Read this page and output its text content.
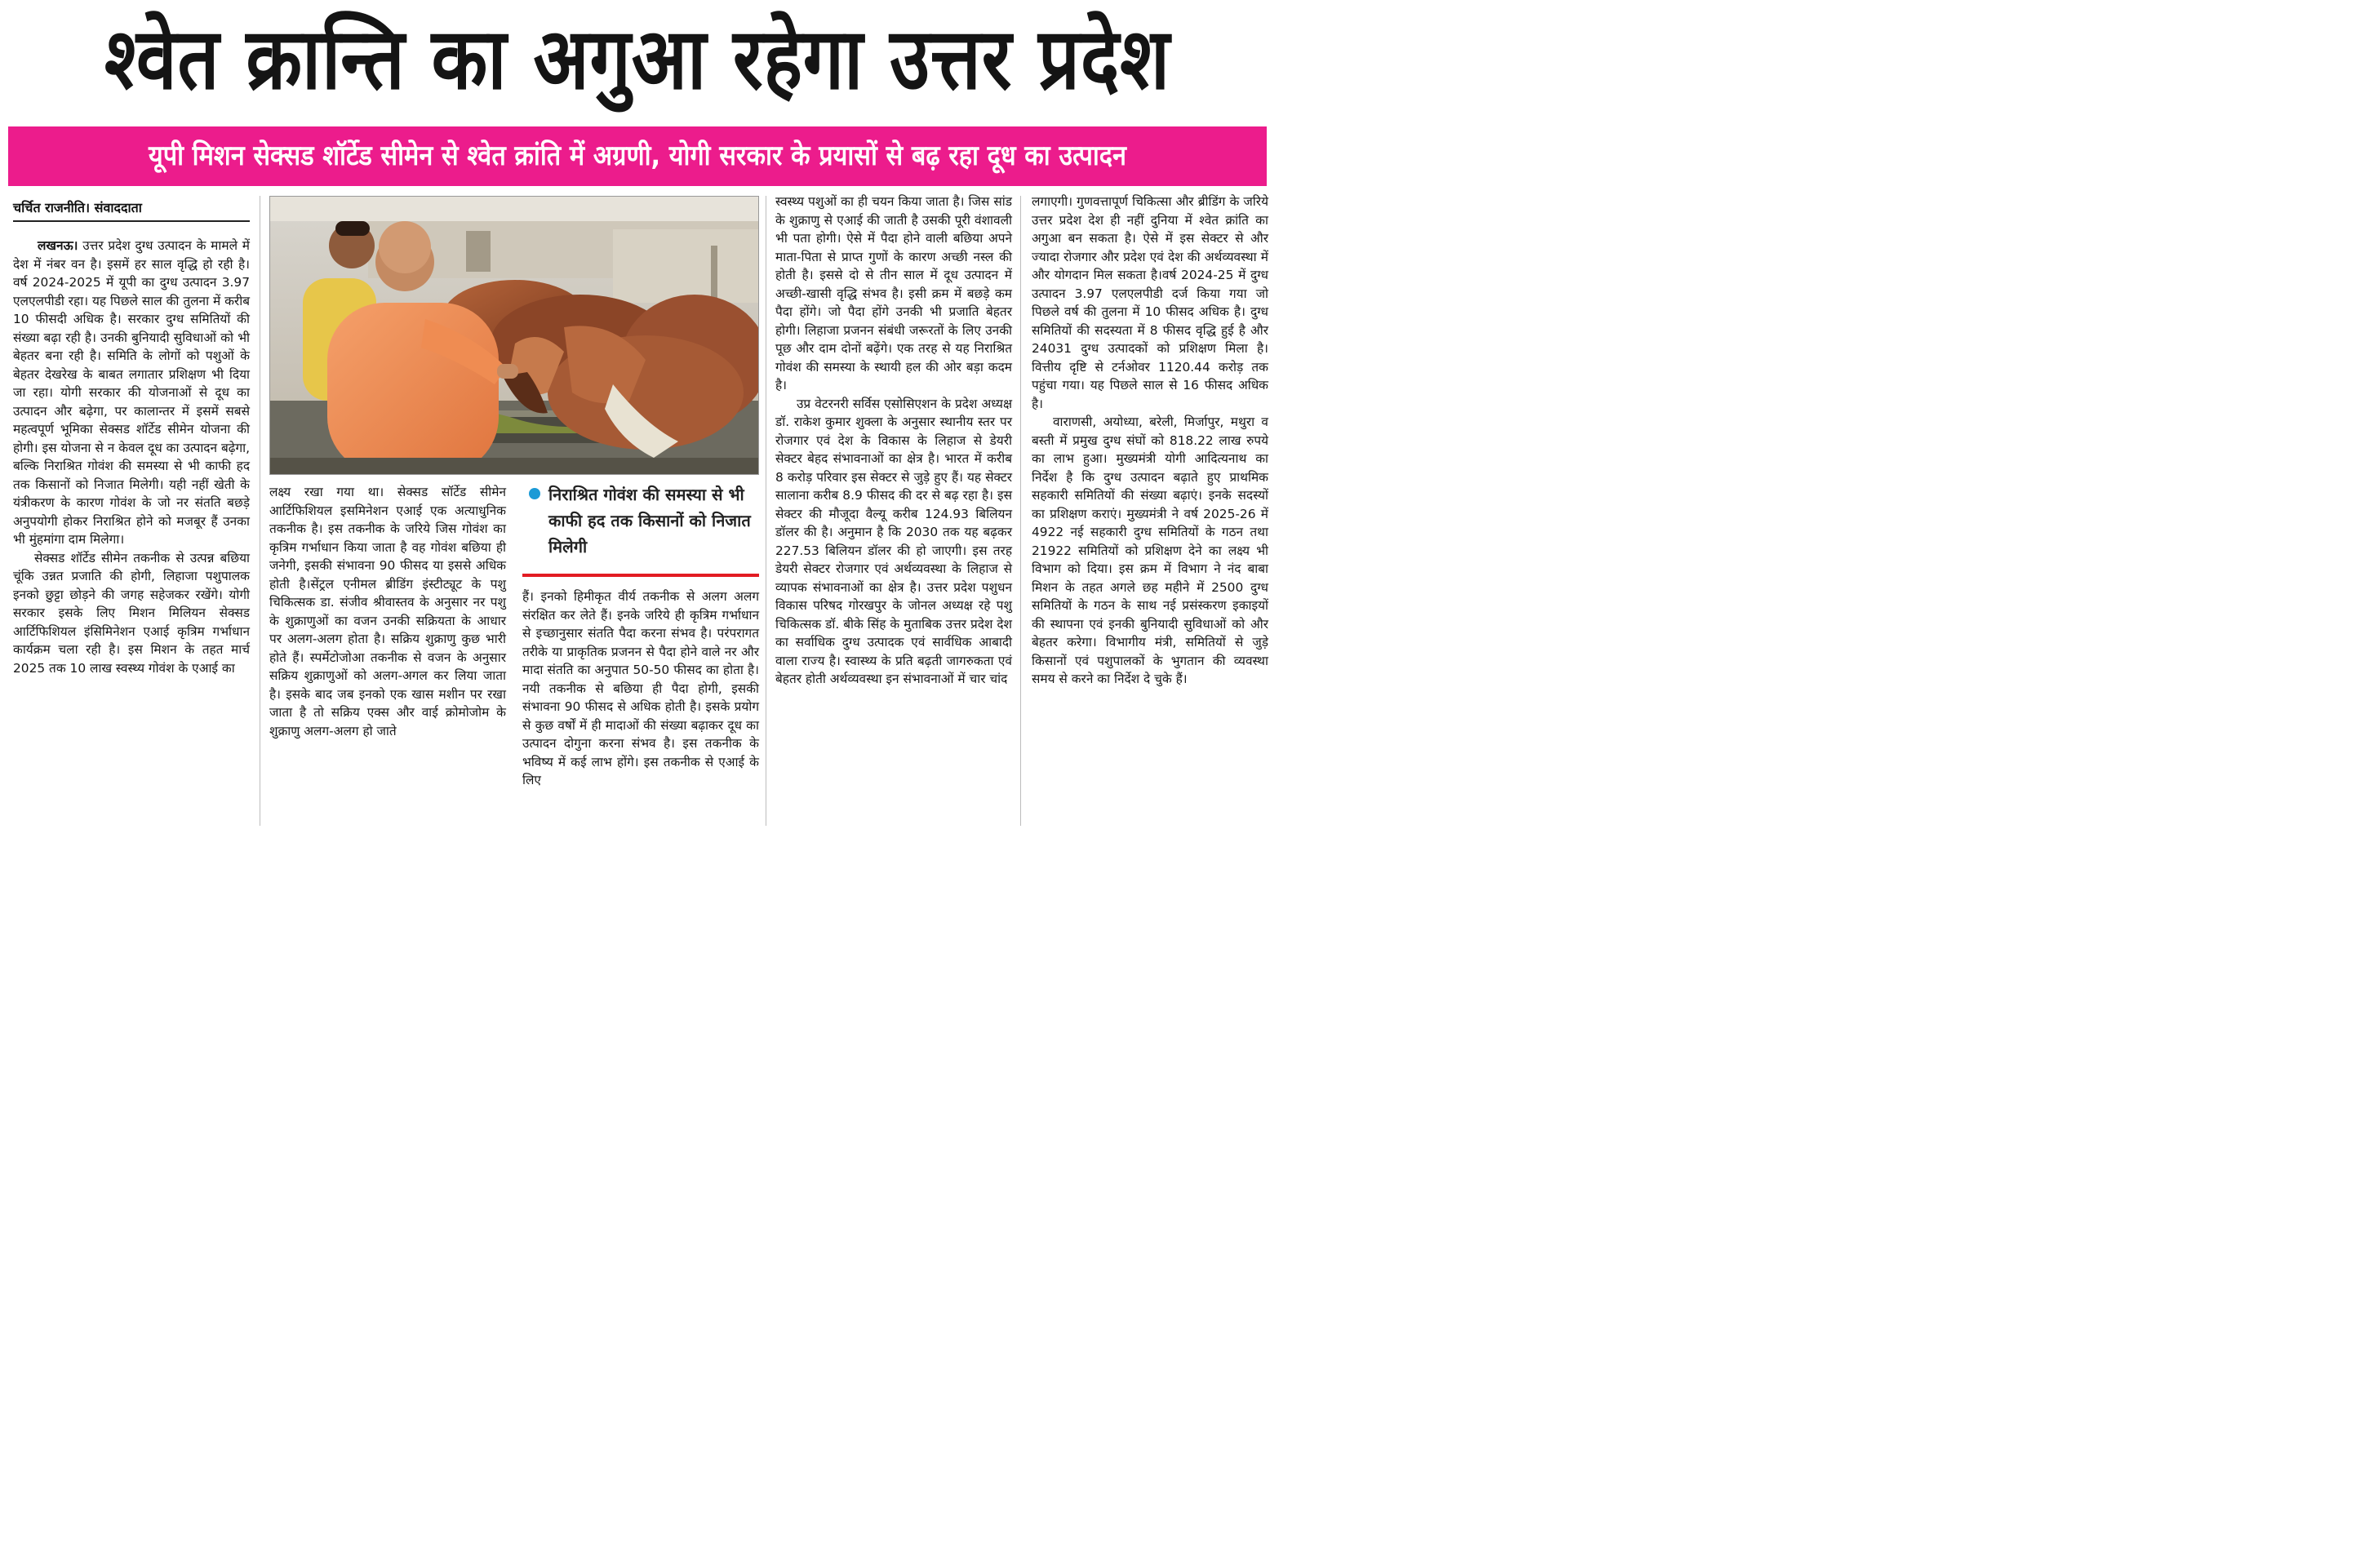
श्वेत क्रान्ति का अगुआ रहेगा उत्तर प्रदेश
यूपी मिशन सेक्सड शॉर्टेड सीमेन से श्वेत क्रांति में अग्रणी, योगी सरकार के प्रयासों से बढ़ रहा दूध का उत्पादन
चर्चित राजनीति। संवाददाता

लखनऊ। उत्तर प्रदेश दुग्ध उत्पादन के मामले में देश में नंबर वन है। इसमें हर साल वृद्धि हो रही है। वर्ष 2024-2025 में यूपी का दुग्ध उत्पादन 3.97 एलएलपीडी रहा। यह पिछले साल की तुलना में करीब 10 फीसदी अधिक है। सरकार दुग्ध समितियों की संख्या बढ़ा रही है। उनकी बुनियादी सुविधाओं को भी बेहतर बना रही है। समिति के लोगों को पशुओं के बेहतर देखरेख के बाबत लगातार प्रशिक्षण भी दिया जा रहा। योगी सरकार की योजनाओं से दूध का उत्पादन और बढ़ेगा, पर कालान्तर में इसमें सबसे महत्वपूर्ण भूमिका सेक्सड शॉर्टेड सीमेन योजना की होगी। इस योजना से न केवल दूध का उत्पादन बढ़ेगा, बल्कि निराश्रित गोवंश की समस्या से भी काफी हद तक किसानों को निजात मिलेगी। यही नहीं खेती के यंत्रीकरण के कारण गोवंश के जो नर संतति बछड़े अनुपयोगी होकर निराश्रित होने को मजबूर हैं उनका भी मुंहमांगा दाम मिलेगा।

सेक्सड शॉर्टेड सीमेन तकनीक से उत्पन्न बछिया चूंकि उन्नत प्रजाति की होगी, लिहाजा पशुपालक इनको छुट्टा छोड़ने की जगह सहेजकर रखेंगे। योगी सरकार इसके लिए मिशन मिलियन सेक्सड आर्टिफिशियल इंसिमिनेशन एआई कृत्रिम गर्भाधान कार्यक्रम चला रही है। इस मिशन के तहत मार्च 2025 तक 10 लाख स्वस्थ्य गोवंश के एआई का

लक्ष्य रखा गया था। सेक्सड सॉर्टेड सीमेन आर्टिफिशियल इसमिनेशन एआई एक अत्याधुनिक तकनीक है। इस तकनीक के जरिये जिस गोवंश का कृत्रिम गर्भाधान किया जाता है वह गोवंश बछिया ही जनेगी, इसकी संभावना 90 फीसद या इससे अधिक होती है।सेंट्रल एनीमल ब्रीडिंग इंस्टीट्यूट के पशु चिकित्सक डा. संजीव श्रीवास्तव के अनुसार नर पशु के शुक्राणुओं का वजन उनकी सक्रियता के आधार पर अलग-अलग होता है। सक्रिय शुक्राणु कुछ भारी होते हैं। स्पर्मेटोजोआ तकनीक से वजन के अनुसार सक्रिय शुक्राणुओं को अलग-अगल कर लिया जाता है। इसके बाद जब इनको एक खास मशीन पर रखा जाता है तो सक्रिय एक्स और वाई क्रोमोजोम के शुक्राणु अलग-अलग हो जाते

निराश्रित गोवंश की समस्या से भी काफी हद तक किसानों को निजात मिलेगी

हैं। इनको हिमीकृत वीर्य तकनीक से अलग अलग संरक्षित कर लेते हैं। इनके जरिये ही कृत्रिम गर्भाधान से इच्छानुसार संतति पैदा करना संभव है। परंपरागत तरीके या प्राकृतिक प्रजनन से पैदा होने वाले नर और मादा संतति का अनुपात 50-50 फीसद का होता है। नयी तकनीक से बछिया ही पैदा होगी, इसकी संभावना 90 फीसद से अधिक होती है। इसके प्रयोग से कुछ वर्षों में ही मादाओं की संख्या बढ़ाकर दूध का उत्पादन दोगुना करना संभव है। इस तकनीक के भविष्य में कई लाभ होंगे। इस तकनीक से एआई के लिए

स्वस्थ्य पशुओं का ही चयन किया जाता है। जिस सांड के शुक्राणु से एआई की जाती है उसकी पूरी वंशावली भी पता होगी। ऐसे में पैदा होने वाली बछिया अपने माता-पिता से प्राप्त गुणों के कारण अच्छी नस्ल की होती है। इससे दो से तीन साल में दूध उत्पादन में अच्छी-खासी वृद्धि संभव है। इसी क्रम में बछड़े कम पैदा होंगे। जो पैदा होंगे उनकी भी प्रजाति बेहतर होगी। लिहाजा प्रजनन संबंधी जरूरतों के लिए उनकी पूछ और दाम दोनों बढ़ेंगे। एक तरह से यह निराश्रित गोवंश की समस्या के स्थायी हल की ओर बड़ा कदम है।

उप्र वेटरनरी सर्विस एसोसिएशन के प्रदेश अध्यक्ष डॉ. राकेश कुमार शुक्ला के अनुसार स्थानीय स्तर पर रोजगार एवं देश के विकास के लिहाज से डेयरी सेक्टर बेहद संभावनाओं का क्षेत्र है। भारत में करीब 8 करोड़ परिवार इस सेक्टर से जुड़े हुए हैं। यह सेक्टर सालाना करीब 8.9 फीसद की दर से बढ़ रहा है। इस सेक्टर की मौजूदा वैल्यू करीब 124.93 बिलियन डॉलर की है। अनुमान है कि 2030 तक यह बढ़कर 227.53 बिलियन डॉलर की हो जाएगी। इस तरह डेयरी सेक्टर रोजगार एवं अर्थव्यवस्था के लिहाज से व्यापक संभावनाओं का क्षेत्र है। उत्तर प्रदेश पशुधन विकास परिषद गोरखपुर के जोनल अध्यक्ष रहे पशु चिकित्सक डॉ. बीके सिंह के मुताबिक उत्तर प्रदेश देश का सर्वाधिक दुग्ध उत्पादक एवं सार्वधिक आबादी वाला राज्य है। स्वास्थ्य के प्रति बढ़ती जागरुकता एवं बेहतर होती अर्थव्यवस्था इन संभावनाओं में चार चांद

लगाएगी। गुणवत्तापूर्ण चिकित्सा और ब्रीडिंग के जरिये उत्तर प्रदेश देश ही नहीं दुनिया में श्वेत क्रांति का अगुआ बन सकता है। ऐसे में इस सेक्टर से और ज्यादा रोजगार और प्रदेश एवं देश की अर्थव्यवस्था में और योगदान मिल सकता है।वर्ष 2024-25 में दुग्ध उत्पादन 3.97 एलएलपीडी दर्ज किया गया जो पिछले वर्ष की तुलना में 10 फीसद अधिक है। दुग्ध समितियों की सदस्यता में 8 फीसद वृद्धि हुई है और 24031 दुग्ध उत्पादकों को प्रशिक्षण मिला है। वित्तीय दृष्टि से टर्नओवर 1120.44 करोड़ तक पहुंचा गया। यह पिछले साल से 16 फीसद अधिक है।

वाराणसी, अयोध्या, बरेली, मिर्जापुर, मथुरा व बस्ती में प्रमुख दुग्ध संघों को 818.22 लाख रुपये का लाभ हुआ। मुख्यमंत्री योगी आदित्यनाथ का निर्देश है कि दुग्ध उत्पादन बढ़ाते हुए प्राथमिक सहकारी समितियों की संख्या बढ़ाएं। इनके सदस्यों का प्रशिक्षण कराएं। मुख्यमंत्री ने वर्ष 2025-26 में 4922 नई सहकारी दुग्ध समितियों के गठन तथा 21922 समितियों को प्रशिक्षण देने का लक्ष्य भी विभाग को दिया। इस क्रम में विभाग ने नंद बाबा मिशन के तहत अगले छह महीने में 2500 दुग्ध समितियों के गठन के साथ नई प्रसंस्करण इकाइयों की स्थापना एवं इनकी बुनियादी सुविधाओं को और बेहतर करेगा। विभागीय मंत्री, समितियों से जुड़े किसानों एवं पशुपालकों के भुगतान की व्यवस्था समय से करने का निर्देश दे चुके हैं।
